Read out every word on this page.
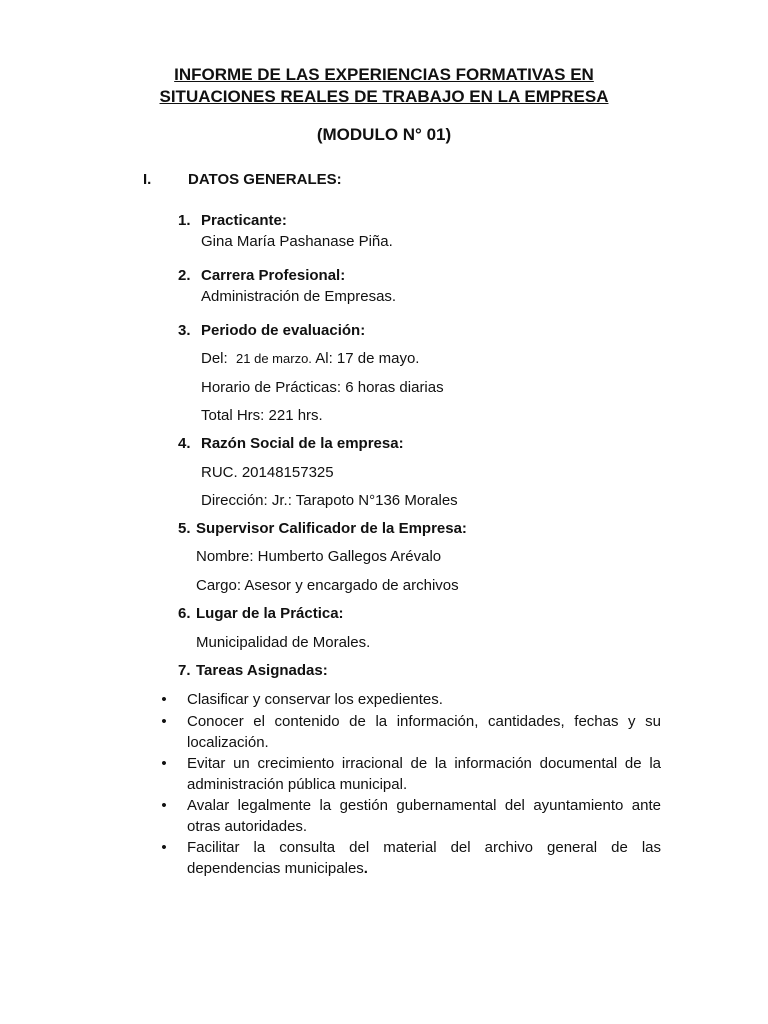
INFORME DE LAS EXPERIENCIAS FORMATIVAS EN
SITUACIONES REALES DE TRABAJO EN LA EMPRESA
(MODULO N° 01)
I. DATOS GENERALES:
1. Practicante:
Gina María Pashanase Piña.
2. Carrera Profesional:
Administración de Empresas.
3. Periodo de evaluación:
Del: 21 de marzo. Al: 17 de mayo.
Horario de Prácticas: 6 horas diarias
Total Hrs: 221 hrs.
4. Razón Social de la empresa:
RUC. 20148157325
Dirección: Jr.: Tarapoto N°136 Morales
5. Supervisor Calificador de la Empresa:
Nombre: Humberto Gallegos Arévalo
Cargo: Asesor y encargado de archivos
6. Lugar de la Práctica:
Municipalidad de Morales.
7. Tareas Asignadas:
• Clasificar y conservar los expedientes.
• Conocer el contenido de la información, cantidades, fechas y su localización.
• Evitar un crecimiento irracional de la información documental de la administración pública municipal.
• Avalar legalmente la gestión gubernamental del ayuntamiento ante otras autoridades.
• Facilitar la consulta del material del archivo general de las dependencias municipales.
